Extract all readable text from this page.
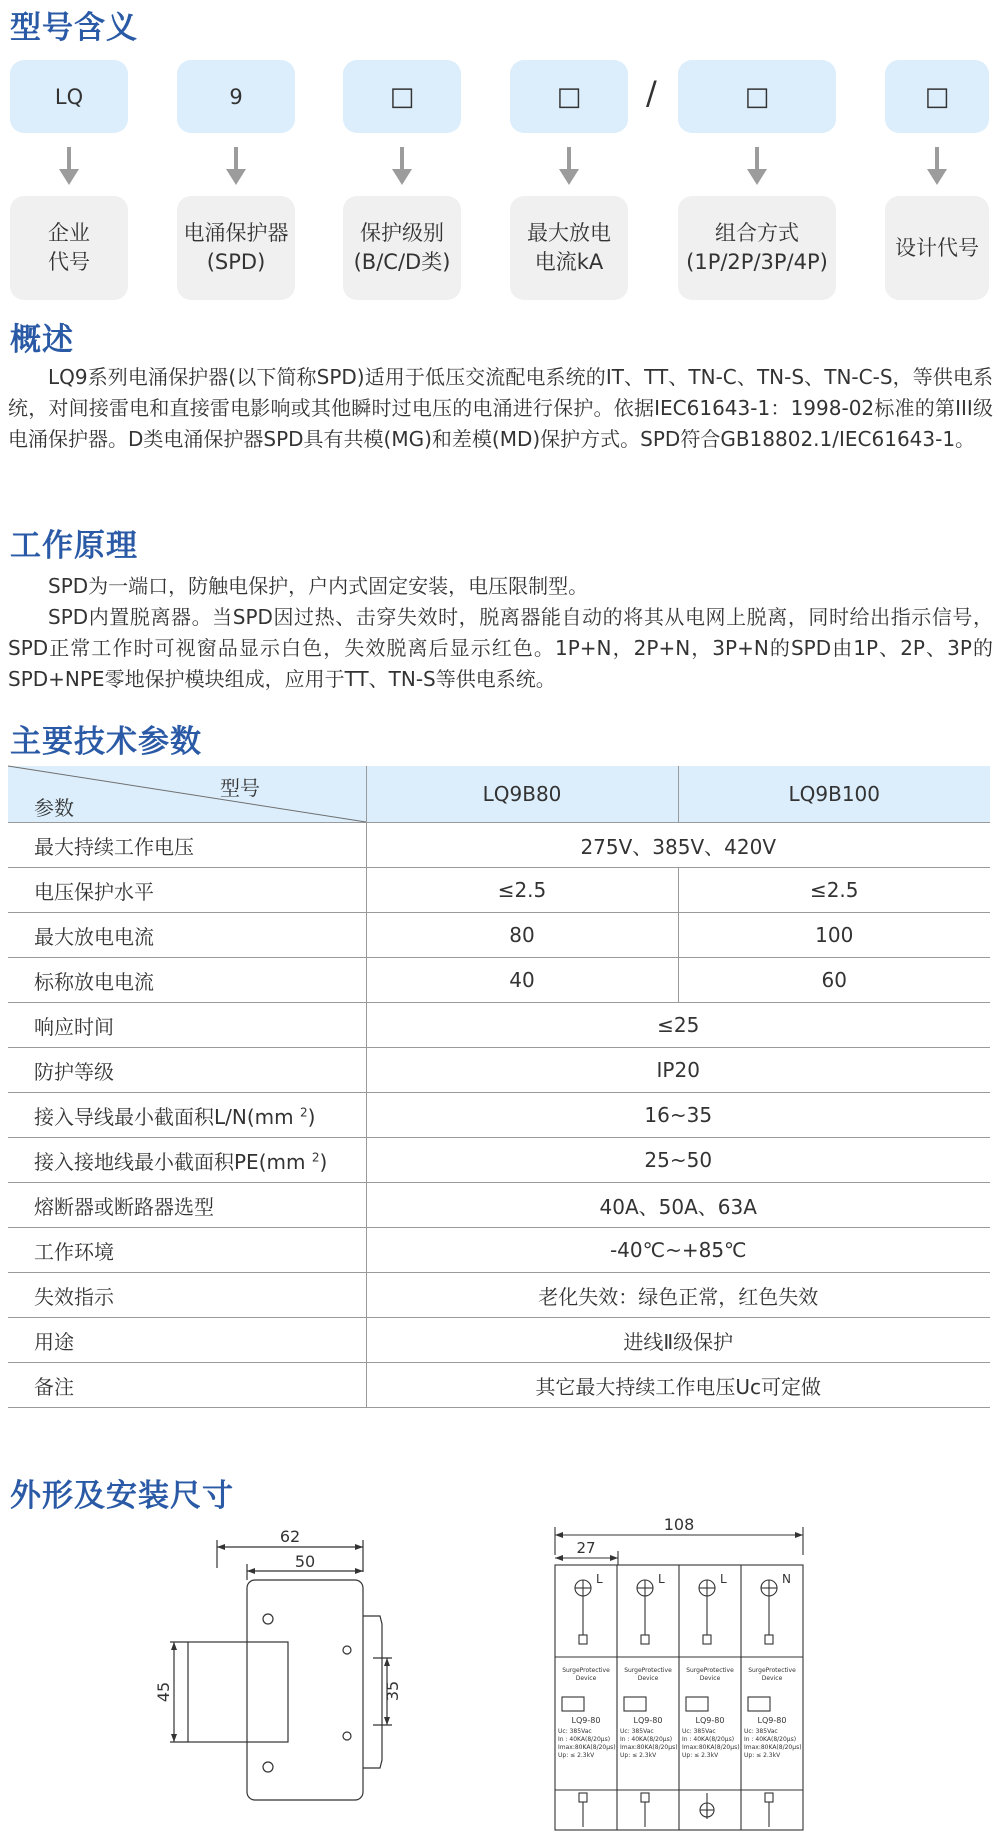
型号含义
LQ	9	□	□	/	□	□
企业
代号
电涌保护器
(SPD)
保护级别
(B/C/D类)
最大放电
电流kA
组合方式
(1P/2P/3P/4P)
设计代号
概述

LQ9系列电涌保护器(以下简称SPD)适用于低压交流配电系统的IT、TT、TN-C、TN-S、TN-C-S，等供电系统，对间接雷电和直接雷电影响或其他瞬时过电压的电涌进行保护。依据IEC61643-1：1998-02标准的第III级电涌保护器。D类电涌保护器SPD具有共模(MG)和差模(MD)保护方式。SPD符合GB18802.1/IEC61643-1。

工作原理

SPD为一端口，防触电保护，户内式固定安装，电压限制型。

SPD内置脱离器。当SPD因过热、击穿失效时，脱离器能自动的将其从电网上脱离，同时给出指示信号，SPD正常工作时可视窗品显示白色，失效脱离后显示红色。1P+N，2P+N，3P+N的SPD由1P、2P、3P的SPD+NPE零地保护模块组成，应用于TT、TN-S等供电系统。

主要技术参数
型号
参数	LQ9B80	LQ9B100
最大持续工作电压	275V、385V、420V	
电压保护水平	≤2.5	≤2.5
最大放电电流	80	100
标称放电电流	40	60
响应时间	≤25	
防护等级	IP20	
接入导线最小截面积L/N(mm $^2$)	16~35	
接入接地线最小截面积PE(mm $^2$)	25~50	
熔断器或断路器选型	40A、50A、63A	
工作环境	-40℃~+85℃	
失效指示	老化失效：绿色正常，红色失效	
用途	进线Ⅱ级保护	
备注	其它最大持续工作电压Uc可定做	
外形及安装尺寸
62
50
45	35
108
27
L	L	L	N
SurgeProtective
Device
LQ9-80
Uc: 385Vac
In : 40KA(8/20μs)
Imax:80KA(8/20μs)
Up: ≤ 2.3kV
SurgeProtective
Device
LQ9-80
Uc: 385Vac
In : 40KA(8/20μs)
Imax:80KA(8/20μs)
Up: ≤ 2.3kV
SurgeProtective
Device
LQ9-80
Uc: 385Vac
In : 40KA(8/20μs)
Imax:80KA(8/20μs)
Up: ≤ 2.3kV
SurgeProtective
Device
LQ9-80
Uc: 385Vac
In : 40KA(8/20μs)
Imax:80KA(8/20μs)
Up: ≤ 2.3kV
